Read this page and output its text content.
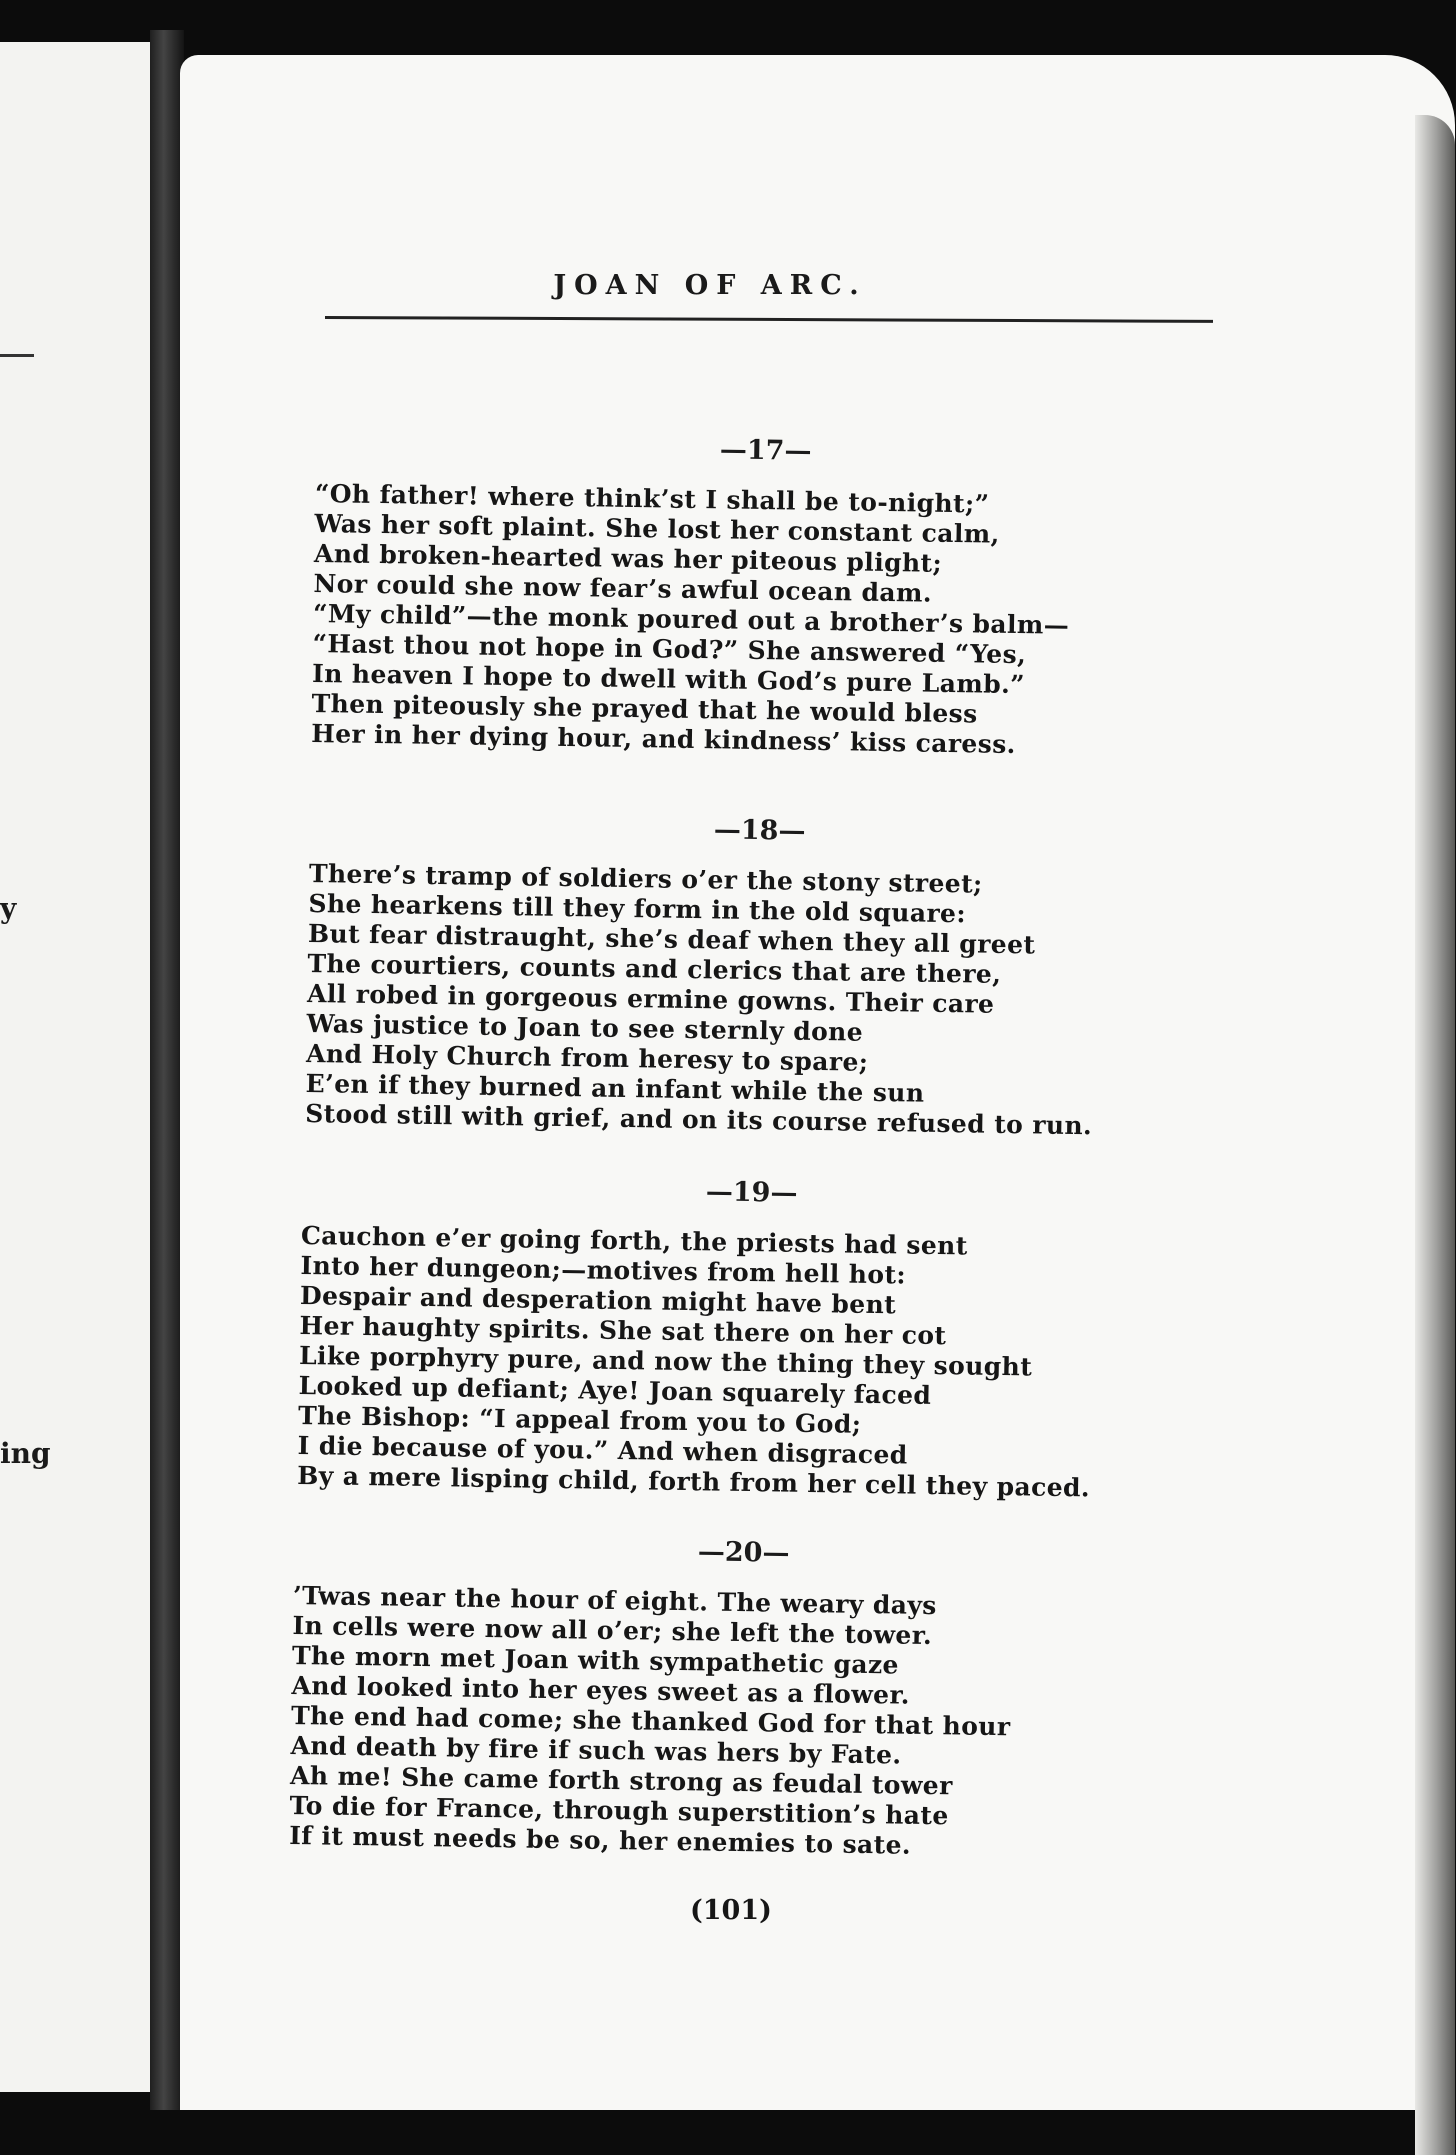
y
ing
JOAN OF ARC.
—17—
“Oh father! where think’st I shall be to-night;”
Was her soft plaint. She lost her constant calm,
And broken-hearted was her piteous plight;
Nor could she now fear’s awful ocean dam.
“My child”—the monk poured out a brother’s balm—
“Hast thou not hope in God?” She answered “Yes,
In heaven I hope to dwell with God’s pure Lamb.”
Then piteously she prayed that he would bless
Her in her dying hour, and kindness’ kiss caress.
—18—
There’s tramp of soldiers o’er the stony street;
She hearkens till they form in the old square:
But fear distraught, she’s deaf when they all greet
The courtiers, counts and clerics that are there,
All robed in gorgeous ermine gowns. Their care
Was justice to Joan to see sternly done
And Holy Church from heresy to spare;
E’en if they burned an infant while the sun
Stood still with grief, and on its course refused to run.
—19—
Cauchon e’er going forth, the priests had sent
Into her dungeon;—motives from hell hot:
Despair and desperation might have bent
Her haughty spirits. She sat there on her cot
Like porphyry pure, and now the thing they sought
Looked up defiant; Aye! Joan squarely faced
The Bishop: “I appeal from you to God;
I die because of you.” And when disgraced
By a mere lisping child, forth from her cell they paced.
—20—
’Twas near the hour of eight. The weary days
In cells were now all o’er; she left the tower.
The morn met Joan with sympathetic gaze
And looked into her eyes sweet as a flower.
The end had come; she thanked God for that hour
And death by fire if such was hers by Fate.
Ah me! She came forth strong as feudal tower
To die for France, through superstition’s hate
If it must needs be so, her enemies to sate.
(101)
